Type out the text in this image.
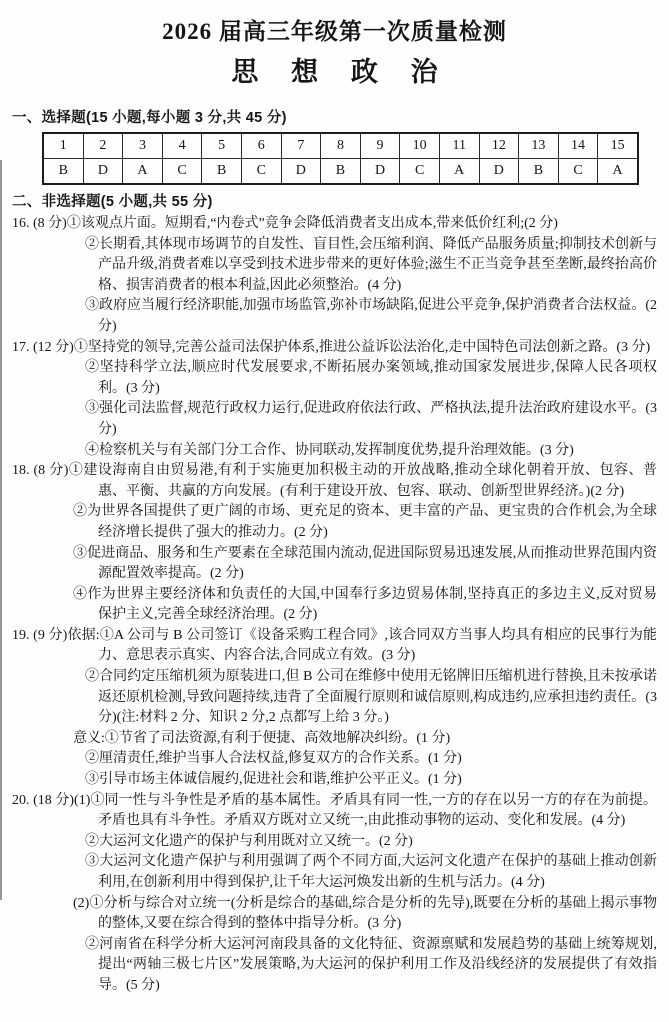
2026 届高三年级第一次质量检测
思 想 政 治
一、选择题(15 小题,每小题 3 分,共 45 分)
1	2	3	4	5	6	7	8	9	10	11	12	13	14	15
B	D	A	C	B	C	D	B	D	C	A	D	B	C	A
二、非选择题(5 小题,共 55 分)
16. (8 分)①该观点片面。短期看,“内卷式”竞争会降低消费者支出成本,带来低价红利;(2 分)
②长期看,其体现市场调节的自发性、盲目性,会压缩利润、降低产品服务质量;抑制技术创新与产品升级,消费者难以享受到技术进步带来的更好体验;滋生不正当竞争甚至垄断,最终抬高价格、损害消费者的根本利益,因此必须整治。(4 分)
③政府应当履行经济职能,加强市场监管,弥补市场缺陷,促进公平竞争,保护消费者合法权益。(2 分)
17. (12 分)①坚持党的领导,完善公益司法保护体系,推进公益诉讼法治化,走中国特色司法创新之路。(3 分)
②坚持科学立法,顺应时代发展要求,不断拓展办案领域,推动国家发展进步,保障人民各项权利。(3 分)
③强化司法监督,规范行政权力运行,促进政府依法行政、严格执法,提升法治政府建设水平。(3 分)
④检察机关与有关部门分工合作、协同联动,发挥制度优势,提升治理效能。(3 分)
18. (8 分)①建设海南自由贸易港,有利于实施更加积极主动的开放战略,推动全球化朝着开放、包容、普惠、平衡、共赢的方向发展。(有利于建设开放、包容、联动、创新型世界经济。)(2 分)
②为世界各国提供了更广阔的市场、更充足的资本、更丰富的产品、更宝贵的合作机会,为全球经济增长提供了强大的推动力。(2 分)
③促进商品、服务和生产要素在全球范围内流动,促进国际贸易迅速发展,从而推动世界范围内资源配置效率提高。(2 分)
④作为世界主要经济体和负责任的大国,中国奉行多边贸易体制,坚持真正的多边主义,反对贸易保护主义,完善全球经济治理。(2 分)
19. (9 分)依据:①A 公司与 B 公司签订《设备采购工程合同》,该合同双方当事人均具有相应的民事行为能力、意思表示真实、内容合法,合同成立有效。(3 分)
②合同约定压缩机须为原装进口,但 B 公司在维修中使用无铭牌旧压缩机进行替换,且未按承诺返还原机检测,导致问题持续,违背了全面履行原则和诚信原则,构成违约,应承担违约责任。(3 分)(注:材料 2 分、知识 2 分,2 点都写上给 3 分。)
意义:①节省了司法资源,有利于便捷、高效地解决纠纷。(1 分)
②厘清责任,维护当事人合法权益,修复双方的合作关系。(1 分)
③引导市场主体诚信履约,促进社会和谐,维护公平正义。(1 分)
20. (18 分)(1)①同一性与斗争性是矛盾的基本属性。矛盾具有同一性,一方的存在以另一方的存在为前提。矛盾也具有斗争性。矛盾双方既对立又统一,由此推动事物的运动、变化和发展。(4 分)
②大运河文化遗产的保护与利用既对立又统一。(2 分)
③大运河文化遗产保护与利用强调了两个不同方面,大运河文化遗产在保护的基础上推动创新利用,在创新利用中得到保护,让千年大运河焕发出新的生机与活力。(4 分)
(2)①分析与综合对立统一(分析是综合的基础,综合是分析的先导),既要在分析的基础上揭示事物的整体,又要在综合得到的整体中指导分析。(3 分)
②河南省在科学分析大运河河南段具备的文化特征、资源禀赋和发展趋势的基础上统筹规划,提出“两轴三极七片区”发展策略,为大运河的保护利用工作及沿线经济的发展提供了有效指导。(5 分)
